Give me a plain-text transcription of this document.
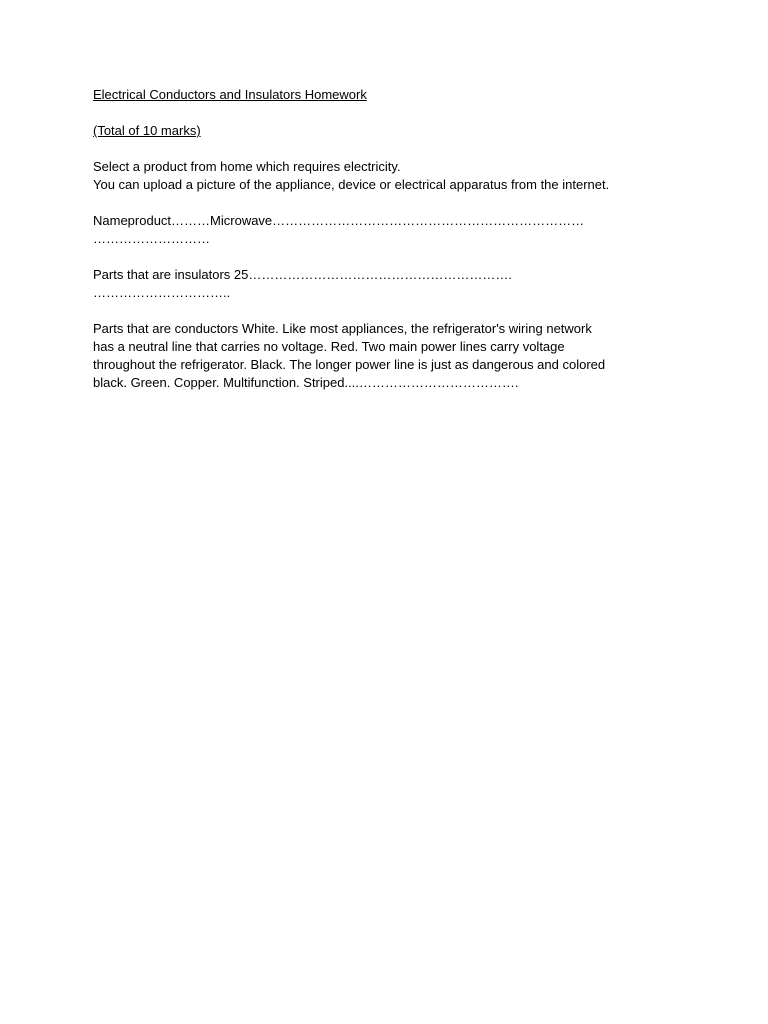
Electrical Conductors and Insulators Homework
(Total of 10 marks)
Select a product from home which requires electricity.
You can upload a picture of the appliance, device or electrical apparatus from the internet.
Nameproduct………Microwave………………………………………………………………
………………………
Parts that are insulators 25…………………………………………………….
…………………………..
Parts that are conductors White. Like most appliances, the refrigerator's wiring network
has a neutral line that carries no voltage. Red. Two main power lines carry voltage
throughout the refrigerator. Black. The longer power line is just as dangerous and colored
black. Green. Copper. Multifunction. Striped....……………………………….
